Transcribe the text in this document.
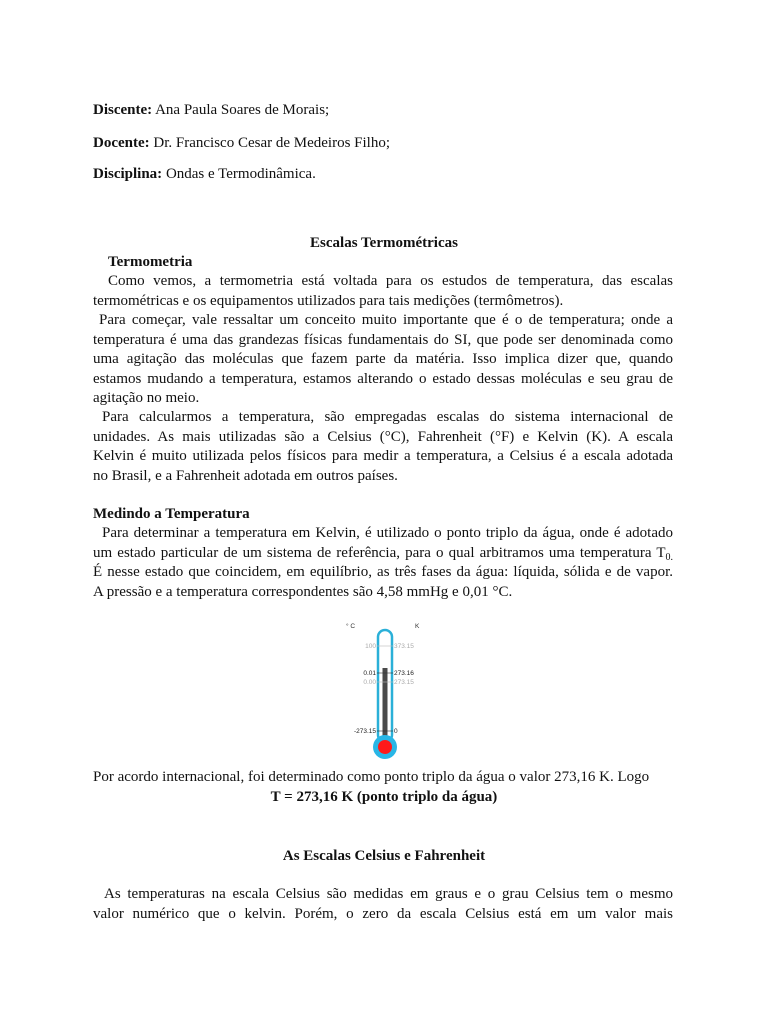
Discente: Ana Paula Soares de Morais;
Docente: Dr. Francisco Cesar de Medeiros Filho;
Disciplina: Ondas e Termodinâmica.
Escalas Termométricas
Termometria
Como vemos, a termometria está voltada para os estudos de temperatura, das escalas
termométricas e os equipamentos utilizados para tais medições (termômetros).
Para começar, vale ressaltar um conceito muito importante que é o de temperatura; onde a
temperatura é uma das grandezas físicas fundamentais do SI, que pode ser denominada como
uma agitação das moléculas que fazem parte da matéria. Isso implica dizer que, quando
estamos mudando a temperatura, estamos alterando o estado dessas moléculas e seu grau de
agitação no meio.
Para calcularmos a temperatura, são empregadas escalas do sistema internacional de
unidades. As mais utilizadas são a Celsius (°C), Fahrenheit (°F) e Kelvin (K). A escala
Kelvin é muito utilizada pelos físicos para medir a temperatura, a Celsius é a escala adotada
no Brasil, e a Fahrenheit adotada em outros países.
Medindo a Temperatura
Para determinar a temperatura em Kelvin, é utilizado o ponto triplo da água, onde é adotado
um estado particular de um sistema de referência, para o qual arbitramos uma temperatura $T_{0.}$
É nesse estado que coincidem, em equilíbrio, as três fases da água: líquida, sólida e de vapor.
A pressão e a temperatura correspondentes são 4,58 mmHg e 0,01 °C.
° C	K
100	373.15
0.01	273.16
0.00	273.15
-273.15	0
Por acordo internacional, foi determinado como ponto triplo da água o valor 273,16 K. Logo
T = 273,16 K (ponto triplo da água)
As Escalas Celsius e Fahrenheit
As temperaturas na escala Celsius são medidas em graus e o grau Celsius tem o mesmo
valor numérico que o kelvin. Porém, o zero da escala Celsius está em um valor mais
